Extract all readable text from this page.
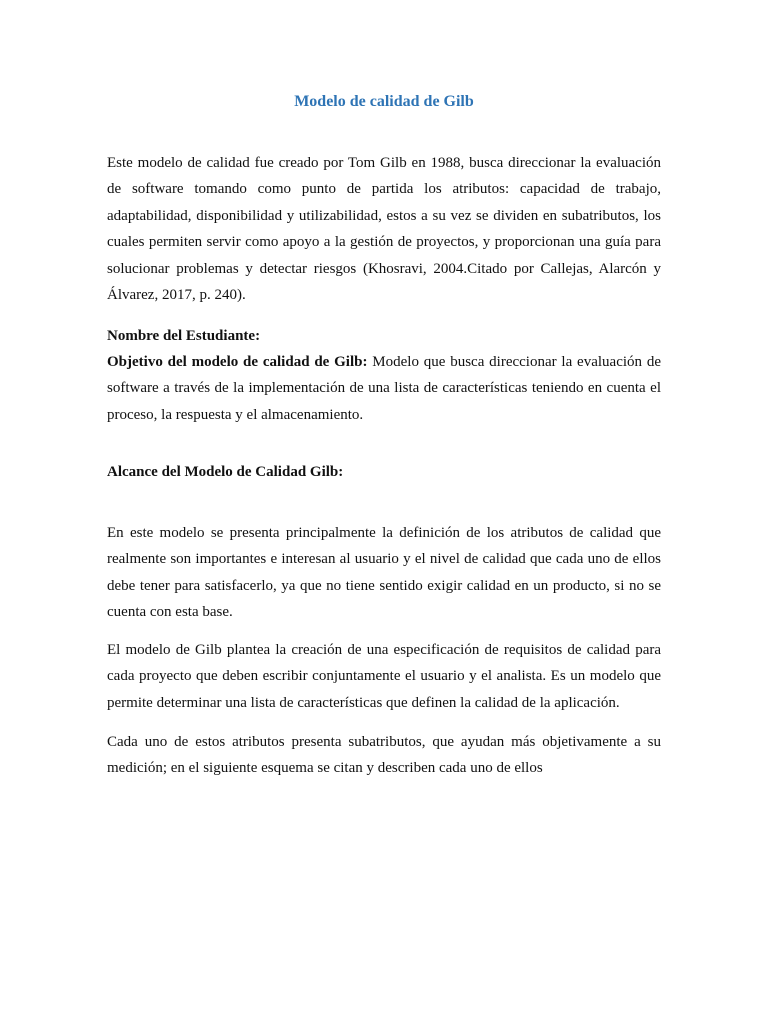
Modelo de calidad de Gilb

Este modelo de calidad fue creado por Tom Gilb en 1988, busca direccionar la evaluación de software tomando como punto de partida los atributos: capacidad de trabajo, adaptabilidad, disponibilidad y utilizabilidad, estos a su vez se dividen en subatributos, los cuales permiten servir como apoyo a la gestión de proyectos, y proporcionan una guía para solucionar problemas y detectar riesgos (Khosravi, 2004.Citado por Callejas, Alarcón y Álvarez, 2017, p. 240).

Nombre del Estudiante:

Objetivo del modelo de calidad de Gilb: Modelo que busca direccionar la evaluación de software a través de la implementación de una lista de características teniendo en cuenta el proceso, la respuesta y el almacenamiento.

Alcance del Modelo de Calidad Gilb:

En este modelo se presenta principalmente la definición de los atributos de calidad que realmente son importantes e interesan al usuario y el nivel de calidad que cada uno de ellos debe tener para satisfacerlo, ya que no tiene sentido exigir calidad en un producto, si no se cuenta con esta base.

El modelo de Gilb plantea la creación de una especificación de requisitos de calidad para cada proyecto que deben escribir conjuntamente el usuario y el analista. Es un modelo que permite determinar una lista de características que definen la calidad de la aplicación.

Cada uno de estos atributos presenta subatributos, que ayudan más objetivamente a su medición; en el siguiente esquema se citan y describen cada uno de ellos
